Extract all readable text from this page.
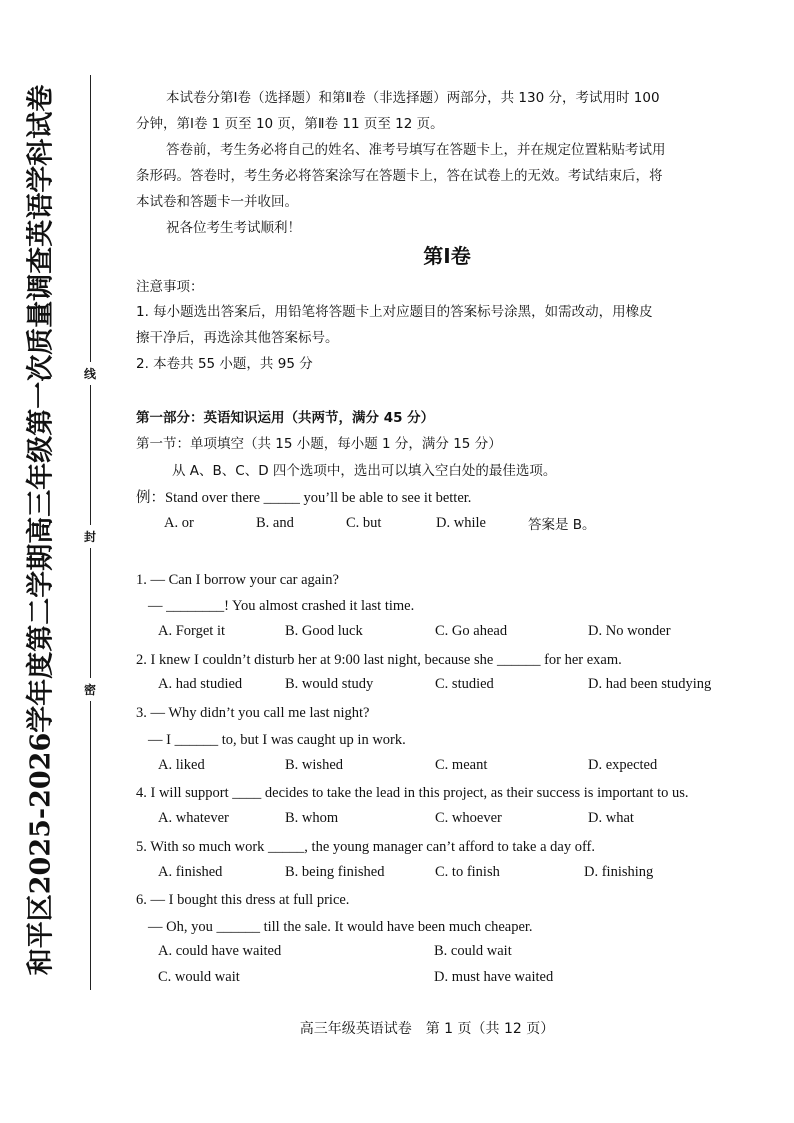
和平区2025-2026学年度第二学期高三年级第一次质量调查英语学科试卷 线
封
密
本试卷分第Ⅰ卷（选择题）和第Ⅱ卷（非选择题）两部分，共 130 分，考试用时 100
分钟，第Ⅰ卷 1 页至 10 页，第Ⅱ卷 11 页至 12 页。
答卷前，考生务必将自己的姓名、准考号填写在答题卡上，并在规定位置粘贴考试用
条形码。答卷时，考生务必将答案涂写在答题卡上，答在试卷上的无效。考试结束后，将
本试卷和答题卡一并收回。
祝各位考生考试顺利！
第Ⅰ卷
注意事项：
1. 每小题选出答案后，用铅笔将答题卡上对应题目的答案标号涂黑，如需改动，用橡皮
擦干净后，再选涂其他答案标号。
2. 本卷共 55 小题，共 95 分
第一部分：英语知识运用（共两节，满分 45 分）
第一节：单项填空（共 15 小题，每小题 1 分，满分 15 分）
从 A、B、C、D 四个选项中，选出可以填入空白处的最佳选项。
例：Stand over there _____ you’ll be able to see it better.
A. or	B. and	C. but	D. while	答案是 B。
1. — Can I borrow your car again?
— ________! You almost crashed it last time.
A. Forget it	B. Good luck	C. Go ahead	D. No wonder
2. I knew I couldn’t disturb her at 9:00 last night, because she ______ for her exam.
A. had studied	B. would study	C. studied	D. had been studying
3. — Why didn’t you call me last night?
— I ______ to, but I was caught up in work.
A. liked	B. wished	C. meant	D. expected
4. I will support ____ decides to take the lead in this project, as their success is important to us.
A. whatever	B. whom	C. whoever	D. what
5. With so much work _____, the young manager can’t afford to take a day off.
A. finished	B. being finished	C. to finish	D. finishing
6. — I bought this dress at full price.
— Oh, you ______ till the sale. It would have been much cheaper.
A. could have waited	B. could wait
C. would wait	D. must have waited
高三年级英语试卷　第 1 页（共 12 页）
